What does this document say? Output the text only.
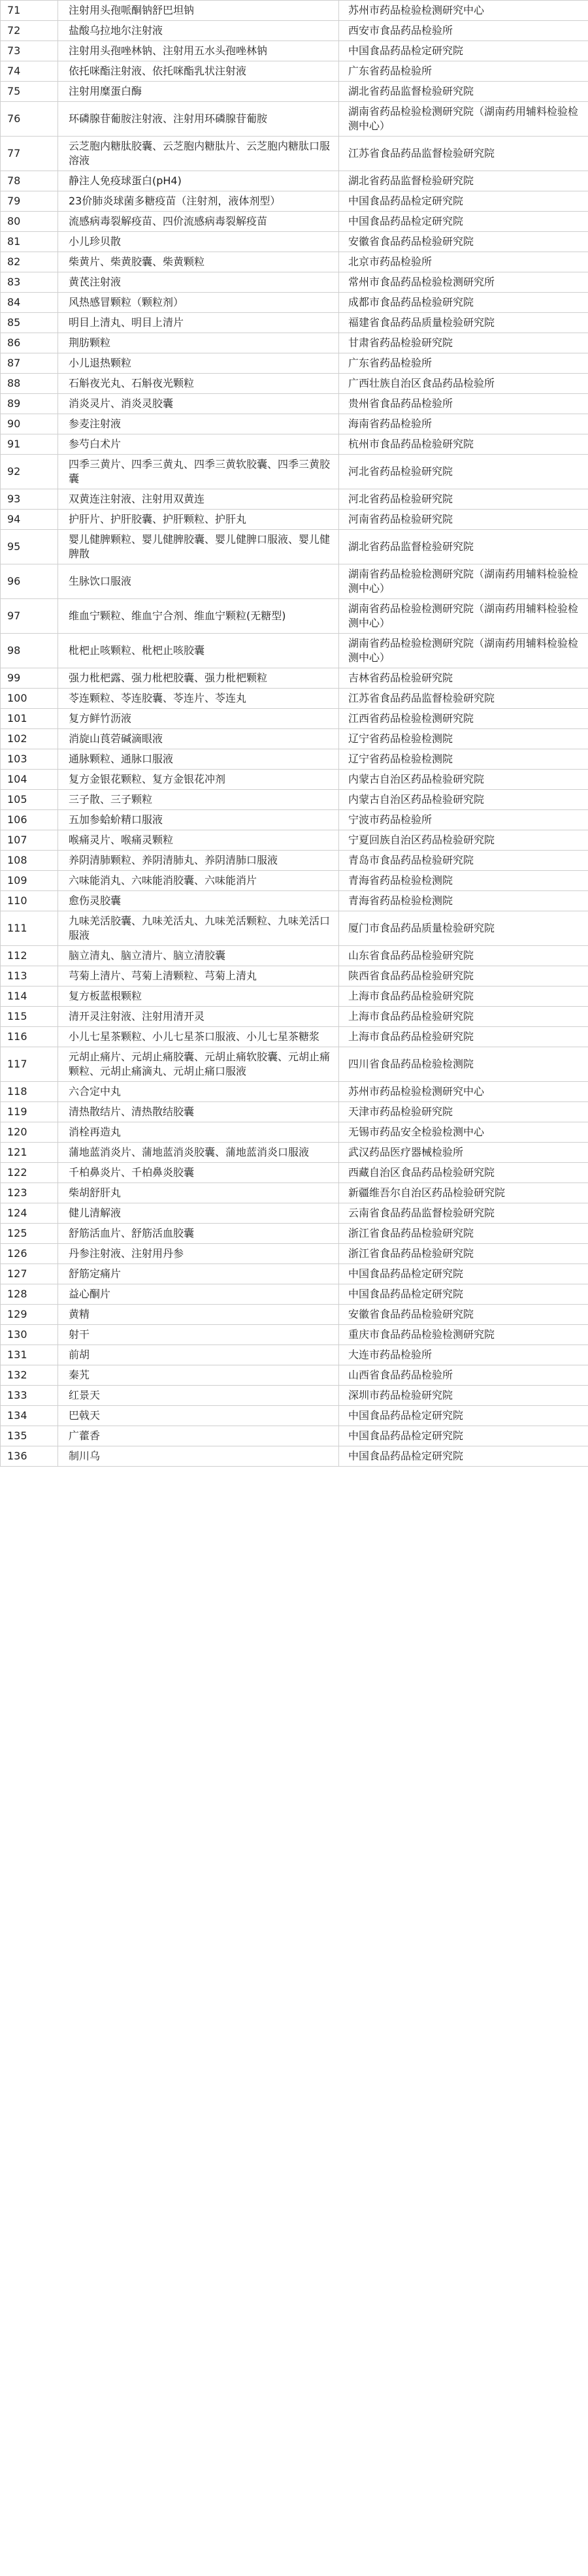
71	注射用头孢哌酮钠舒巴坦钠	苏州市药品检验检测研究中心
72	盐酸乌拉地尔注射液	西安市食品药品检验所
73	注射用头孢唑林钠、注射用五水头孢唑林钠	中国食品药品检定研究院
74	依托咪酯注射液、依托咪酯乳状注射液	广东省药品检验所
75	注射用糜蛋白酶	湖北省药品监督检验研究院
76	环磷腺苷葡胺注射液、注射用环磷腺苷葡胺	湖南省药品检验检测研究院（湖南药用辅料检验检测中心）
77	云芝胞内糖肽胶囊、云芝胞内糖肽片、云芝胞内糖肽口服溶液	江苏省食品药品监督检验研究院
78	静注人免疫球蛋白(pH4)	湖北省药品监督检验研究院
79	23价肺炎球菌多糖疫苗（注射剂，液体剂型）	中国食品药品检定研究院
80	流感病毒裂解疫苗、四价流感病毒裂解疫苗	中国食品药品检定研究院
81	小儿珍贝散	安徽省食品药品检验研究院
82	柴黄片、柴黄胶囊、柴黄颗粒	北京市药品检验所
83	黄芪注射液	常州市食品药品检验检测研究所
84	风热感冒颗粒（颗粒剂）	成都市食品药品检验研究院
85	明目上清丸、明目上清片	福建省食品药品质量检验研究院
86	荆肪颗粒	甘肃省药品检验研究院
87	小儿退热颗粒	广东省药品检验所
88	石斛夜光丸、石斛夜光颗粒	广西壮族自治区食品药品检验所
89	消炎灵片、消炎灵胶囊	贵州省食品药品检验所
90	参麦注射液	海南省药品检验所
91	参芍白术片	杭州市食品药品检验研究院
92	四季三黄片、四季三黄丸、四季三黄软胶囊、四季三黄胶囊	河北省药品检验研究院
93	双黄连注射液、注射用双黄连	河北省药品检验研究院
94	护肝片、护肝胶囊、护肝颗粒、护肝丸	河南省药品检验研究院
95	婴儿健脾颗粒、婴儿健脾胶囊、婴儿健脾口服液、婴儿健脾散	湖北省药品监督检验研究院
96	生脉饮口服液	湖南省药品检验检测研究院（湖南药用辅料检验检测中心）
97	维血宁颗粒、维血宁合剂、维血宁颗粒(无糖型)	湖南省药品检验检测研究院（湖南药用辅料检验检测中心）
98	枇杷止咳颗粒、枇杷止咳胶囊	湖南省药品检验检测研究院（湖南药用辅料检验检测中心）
99	强力枇杷露、强力枇杷胶囊、强力枇杷颗粒	吉林省药品检验研究院
100	苓连颗粒、苓连胶囊、苓连片、苓连丸	江苏省食品药品监督检验研究院
101	复方鲜竹沥液	江西省药品检验检测研究院
102	消旋山莨菪碱滴眼液	辽宁省药品检验检测院
103	通脉颗粒、通脉口服液	辽宁省药品检验检测院
104	复方金银花颗粒、复方金银花冲剂	内蒙古自治区药品检验研究院
105	三子散、三子颗粒	内蒙古自治区药品检验研究院
106	五加参蛤蚧精口服液	宁波市药品检验所
107	喉痛灵片、喉痛灵颗粒	宁夏回族自治区药品检验研究院
108	养阴清肺颗粒、养阴清肺丸、养阴清肺口服液	青岛市食品药品检验研究院
109	六味能消丸、六味能消胶囊、六味能消片	青海省药品检验检测院
110	愈伤灵胶囊	青海省药品检验检测院
111	九味羌活胶囊、九味羌活丸、九味羌活颗粒、九味羌活口服液	厦门市食品药品质量检验研究院
112	脑立清丸、脑立清片、脑立清胶囊	山东省食品药品检验研究院
113	芎菊上清片、芎菊上清颗粒、芎菊上清丸	陕西省食品药品检验研究院
114	复方板蓝根颗粒	上海市食品药品检验研究院
115	清开灵注射液、注射用清开灵	上海市食品药品检验研究院
116	小儿七星茶颗粒、小儿七星茶口服液、小儿七星茶糖浆	上海市食品药品检验研究院
117	元胡止痛片、元胡止痛胶囊、元胡止痛软胶囊、元胡止痛颗粒、元胡止痛滴丸、元胡止痛口服液	四川省食品药品检验检测院
118	六合定中丸	苏州市药品检验检测研究中心
119	清热散结片、清热散结胶囊	天津市药品检验研究院
120	消栓再造丸	无锡市药品安全检验检测中心
121	蒲地蓝消炎片、蒲地蓝消炎胶囊、蒲地蓝消炎口服液	武汉药品医疗器械检验所
122	千柏鼻炎片、千柏鼻炎胶囊	西藏自治区食品药品检验研究院
123	柴胡舒肝丸	新疆维吾尔自治区药品检验研究院
124	健儿清解液	云南省食品药品监督检验研究院
125	舒筋活血片、舒筋活血胶囊	浙江省食品药品检验研究院
126	丹参注射液、注射用丹参	浙江省食品药品检验研究院
127	舒筋定痛片	中国食品药品检定研究院
128	益心酮片	中国食品药品检定研究院
129	黄精	安徽省食品药品检验研究院
130	射干	重庆市食品药品检验检测研究院
131	前胡	大连市药品检验所
132	秦艽	山西省食品药品检验所
133	红景天	深圳市药品检验研究院
134	巴戟天	中国食品药品检定研究院
135	广藿香	中国食品药品检定研究院
136	制川乌	中国食品药品检定研究院
